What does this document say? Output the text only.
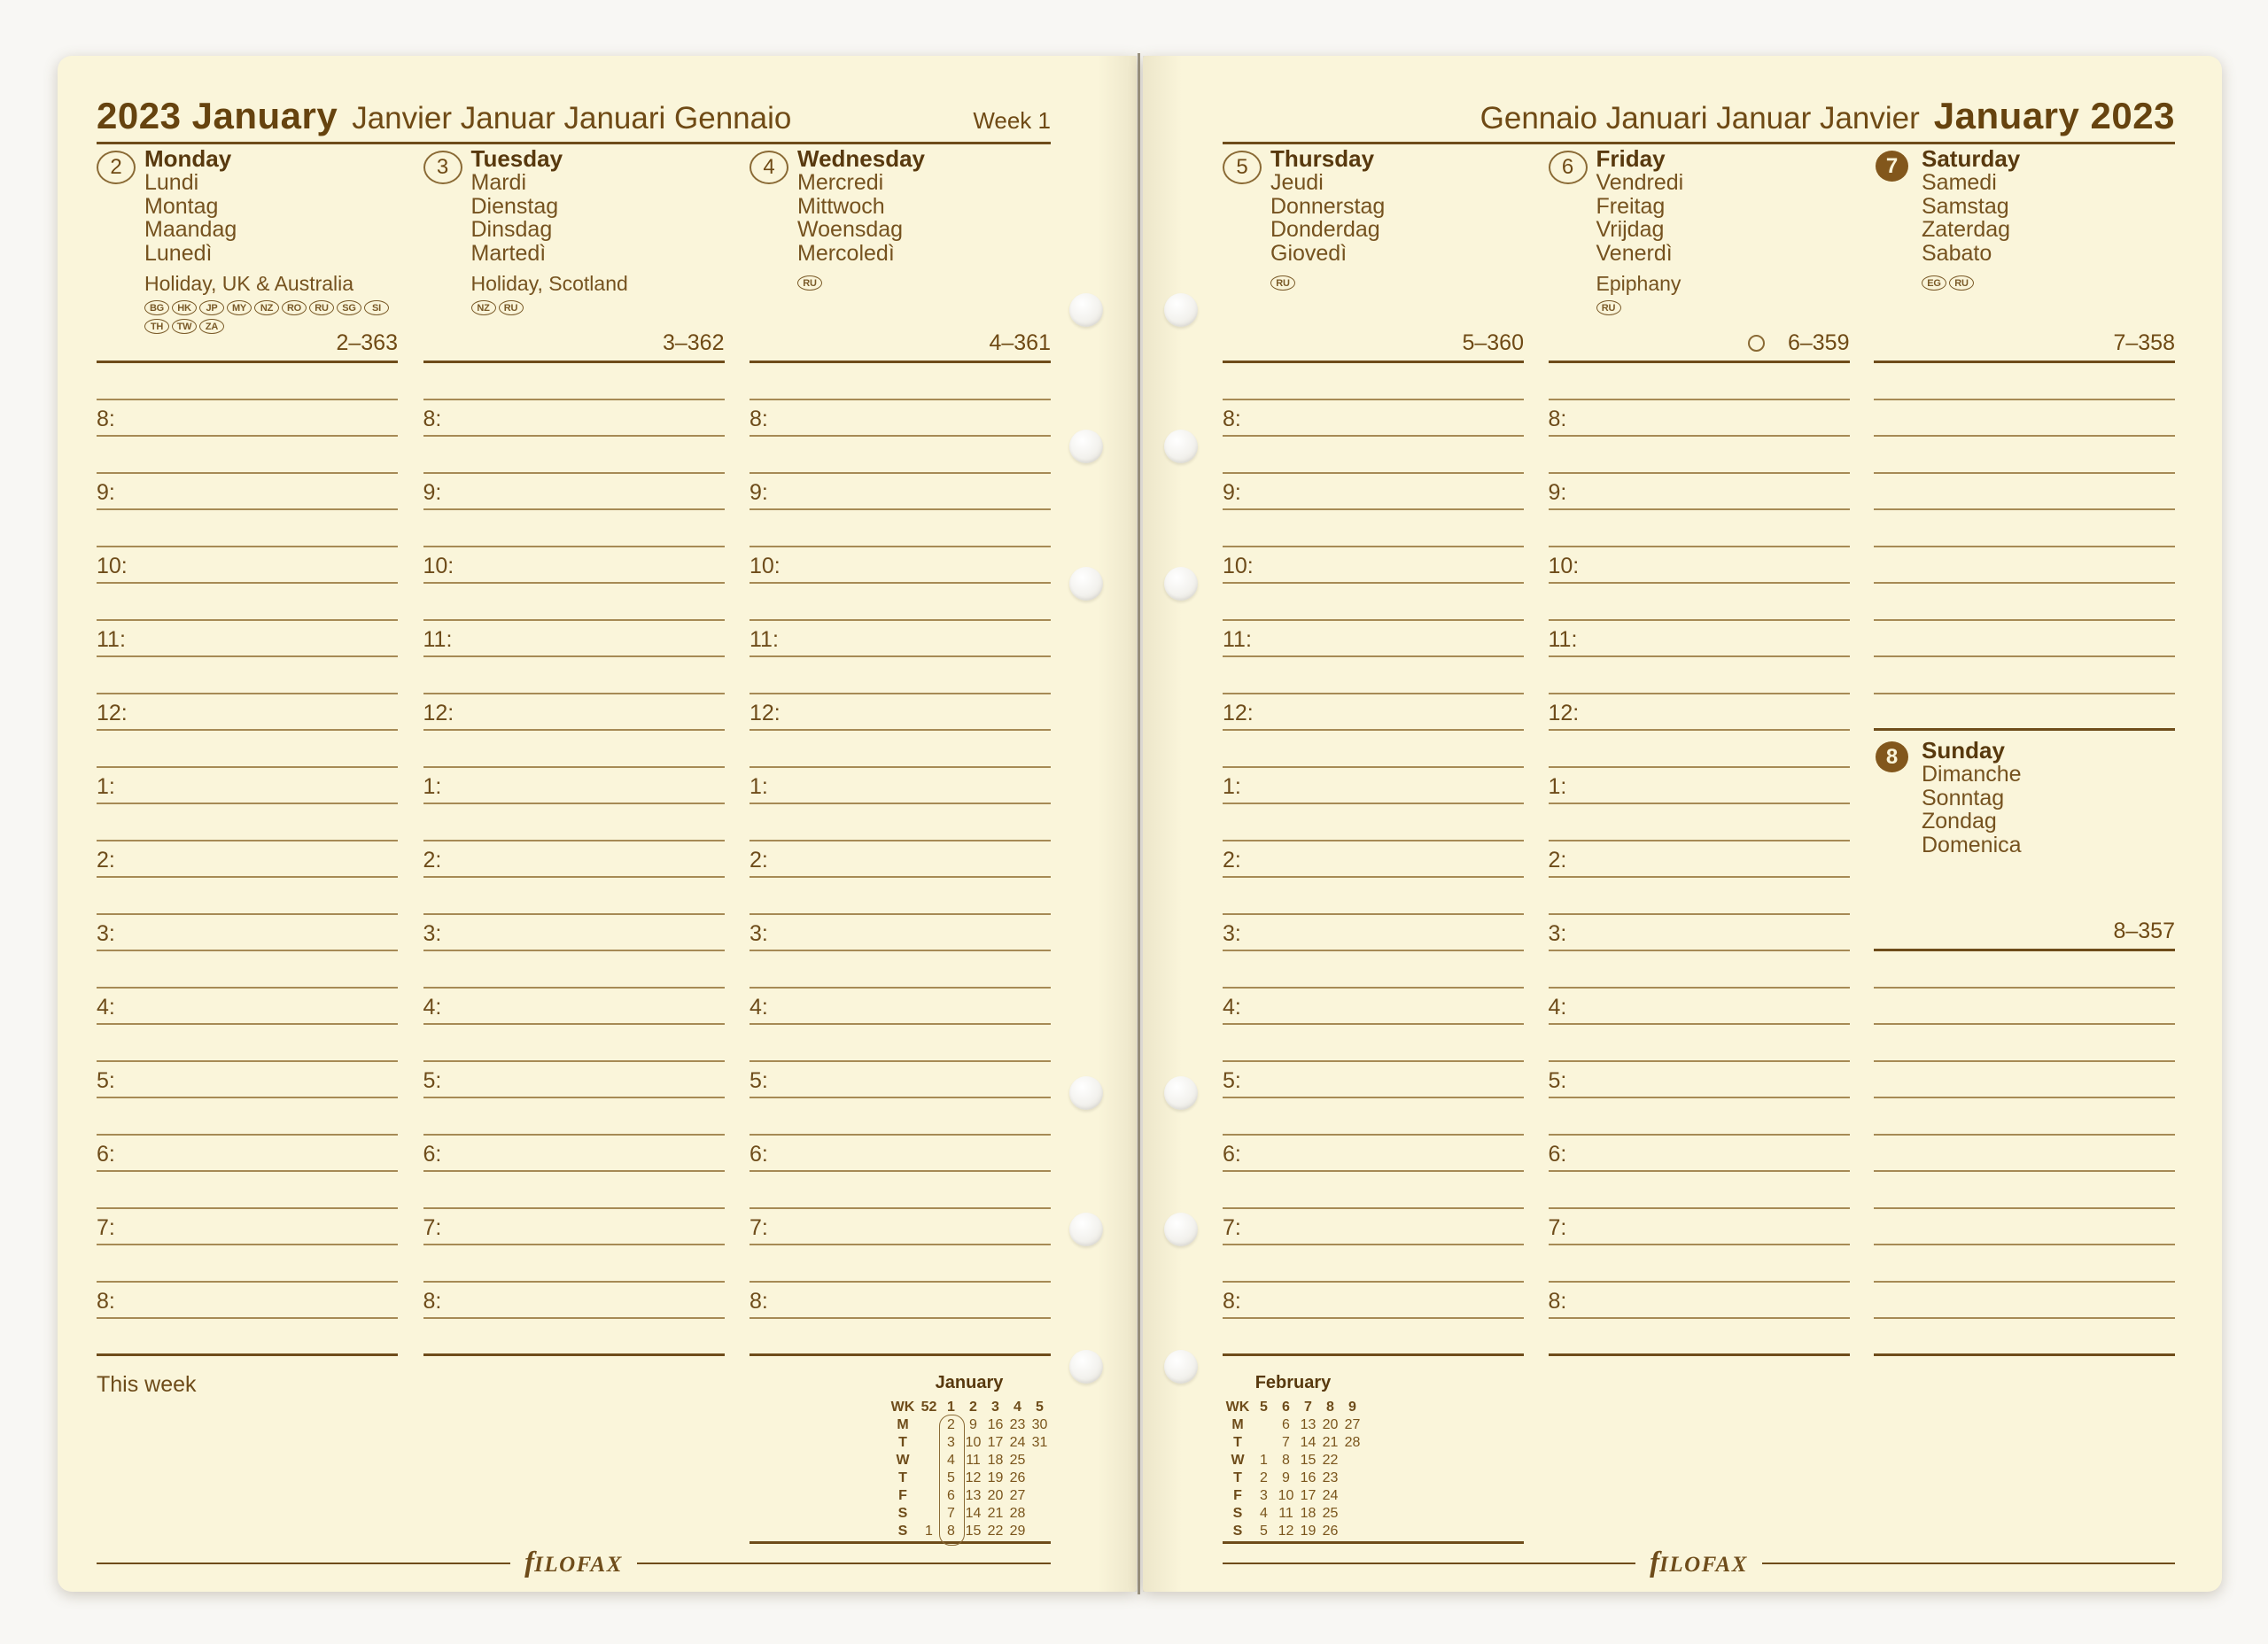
2023 January Janvier Januar Januari Gennaio	Week 1
2 Monday
Lundi
Montag
Maandag
Lunedì
Holiday, UK & Australia
BG	HK	JP	MY	NZ	RO	RU	SG	SI
TH	TW	ZA
2–363
8:
9:
10:
11:
12:
1:
2:
3:
4:
5:
6:
7:
8:
This week
3 Tuesday
Mardi
Dienstag
Dinsdag
Martedì
Holiday, Scotland
NZ	RU
3–362
8:
9:
10:
11:
12:
1:
2:
3:
4:
5:
6:
7:
8:
4 Wednesday
Mercredi
Mittwoch
Woensdag
Mercoledì
RU
4–361
8:
9:
10:
11:
12:
1:
2:
3:
4:
5:
6:
7:
8:
January
WK 52 1	2	3	4	5
M	2	9 16 23 30
T	3 10 17 24 31
W	4 11 18 25
T	5 12 19 26
F	6 13 20 27
S	7 14 21 28
S	1	8 15 22 29
fILOFAX
Gennaio Januari Januar Janvier January 2023
5 Thursday
Jeudi
Donnerstag
Donderdag
Giovedì
RU
5–360
8:
9:
10:
11:
12:
1:
2:
3:
4:
5:
6:
7:
8:
February
WK 5	6	7	8	9
M	6 13 20 27
T	7 14 21 28
W	1	8 15 22
T	2	9 16 23
F	3 10 17 24
S	4 11 18 25
S	5 12 19 26
6 Friday
Vendredi
Freitag
Vrijdag
Venerdì
Epiphany
RU
6–359
8:
9:
10:
11:
12:
1:
2:
3:
4:
5:
6:
7:
8:
7	Saturday
Samedi
Samstag
Zaterdag
Sabato
EG	RU
7–358
8	Sunday
Dimanche
Sonntag
Zondag
Domenica
8–357
fILOFAX
